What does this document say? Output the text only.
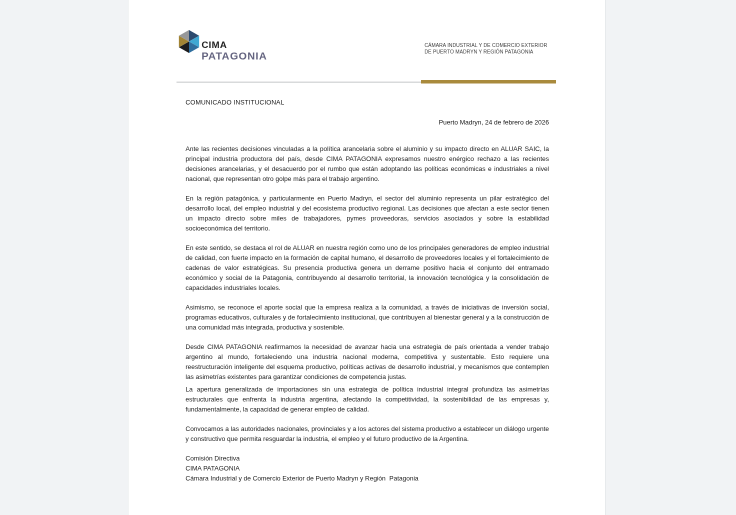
CIMA
PATAGONIA
CÁMARA INDUSTRIAL Y DE COMERCIO EXTERIOR
DE PUERTO MADRYN Y REGIÓN PATAGONIA
COMUNICADO INSTITUCIONAL
Puerto Madryn, 24 de febrero de 2026

Ante las recientes decisiones vinculadas a la política arancelaria sobre el aluminio y su impacto directo en ALUAR SAIC, la principal industria productora del país, desde CIMA PATAGONIA expresamos nuestro enérgico rechazo a las recientes decisiones arancelarias, y el desacuerdo por el rumbo que están adoptando las políticas económicas e industriales a nivel nacional, que representan otro golpe más para el trabajo argentino.

En la región patagónica, y particularmente en Puerto Madryn, el sector del aluminio representa un pilar estratégico del desarrollo local, del empleo industrial y del ecosistema productivo regional. Las decisiones que afectan a este sector tienen un impacto directo sobre miles de trabajadores, pymes proveedoras, servicios asociados y sobre la estabilidad socioeconómica del territorio.

En este sentido, se destaca el rol de ALUAR en nuestra región como uno de los principales generadores de empleo industrial de calidad, con fuerte impacto en la formación de capital humano, el desarrollo de proveedores locales y el fortalecimiento de cadenas de valor estratégicas. Su presencia productiva genera un derrame positivo hacia el conjunto del entramado económico y social de la Patagonia, contribuyendo al desarrollo territorial, la innovación tecnológica y la consolidación de capacidades industriales locales.

Asimismo, se reconoce el aporte social que la empresa realiza a la comunidad, a través de iniciativas de inversión social, programas educativos, culturales y de fortalecimiento institucional, que contribuyen al bienestar general y a la construcción de una comunidad más integrada, productiva y sostenible.

Desde CIMA PATAGONIA reafirmamos la necesidad de avanzar hacia una estrategia de país orientada a vender trabajo argentino al mundo, fortaleciendo una industria nacional moderna, competitiva y sustentable. Esto requiere una reestructuración inteligente del esquema productivo, políticas activas de desarrollo industrial, y mecanismos que contemplen las asimetrías existentes para garantizar condiciones de competencia justas.

La apertura generalizada de importaciones sin una estrategia de política industrial integral profundiza las asimetrías estructurales que enfrenta la industria argentina, afectando la competitividad, la sostenibilidad de las empresas y, fundamentalmente, la capacidad de generar empleo de calidad.

Convocamos a las autoridades nacionales, provinciales y a los actores del sistema productivo a establecer un diálogo urgente y constructivo que permita resguardar la industria, el empleo y el futuro productivo de la Argentina.

Comisión Directiva
CIMA PATAGONIA
Cámara Industrial y de Comercio Exterior de Puerto Madryn y Región  Patagonia
